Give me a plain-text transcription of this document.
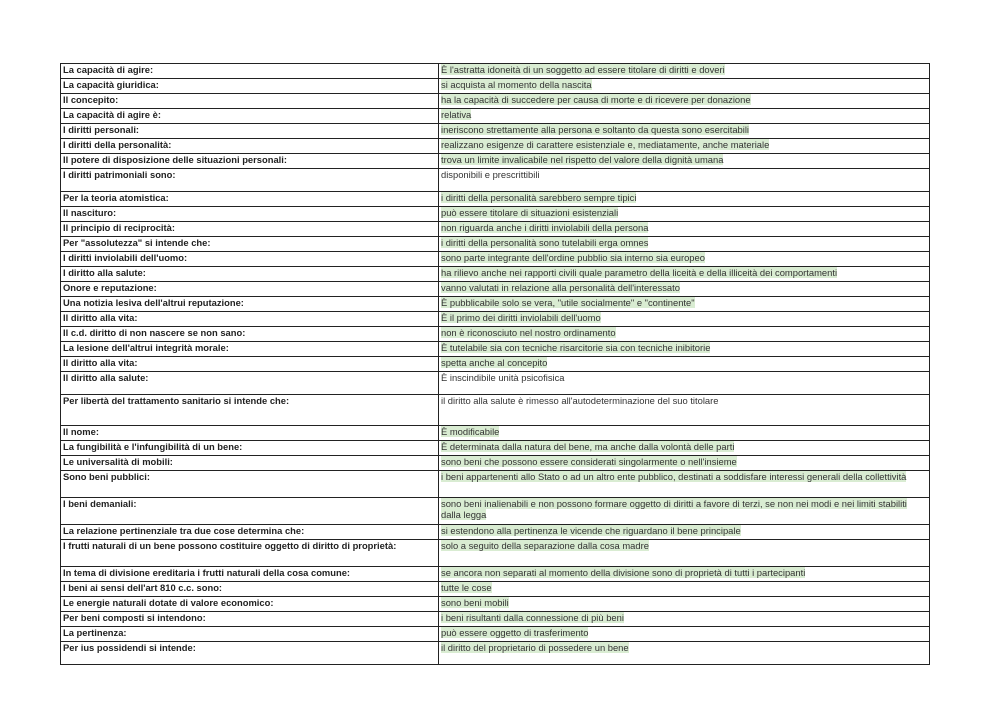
La capacità di agire:	È l'astratta idoneità di un soggetto ad essere titolare di diritti e doveri
La capacità giuridica:	si acquista al momento della nascita
Il concepito:	ha la capacità di succedere per causa di morte e di ricevere per donazione
La capacità di agire è:	relativa
I diritti personali:	ineriscono strettamente alla persona e soltanto da questa sono esercitabili
I diritti della personalità:	realizzano esigenze di carattere esistenziale e, mediatamente, anche materiale
Il potere di disposizione delle situazioni personali:	trova un limite invalicabile nel rispetto del valore della dignità umana
I diritti patrimoniali sono:	disponibili e prescrittibili
Per la teoria atomistica:	i diritti della personalità sarebbero sempre tipici
Il nascituro:	può essere titolare di situazioni esistenziali
Il principio di reciprocità:	non riguarda anche i diritti inviolabili della persona
Per "assolutezza" si intende che:	i diritti della personalità sono tutelabili erga omnes
I diritti inviolabili dell'uomo:	sono parte integrante dell'ordine pubblio sia interno sia europeo
I diritto alla salute:	ha rilievo anche nei rapporti civili quale parametro della liceità e della illiceità dei comportamenti
Onore e reputazione:	vanno valutati in relazione alla personalità dell'interessato
Una notizia lesiva dell'altrui reputazione:	È pubblicabile solo se vera, "utile socialmente" e "continente"
Il diritto alla vita:	È il primo dei diritti inviolabili dell'uomo
Il c.d. diritto di non nascere se non sano:	non è riconosciuto nel nostro ordinamento
La lesione dell'altrui integrità morale:	È tutelabile sia con tecniche risarcitorie sia con tecniche inibitorie
Il diritto alla vita:	spetta anche al concepito
Il diritto alla salute:	È inscindibile unità psicofisica
Per libertà del trattamento sanitario si intende che:	il diritto alla salute è rimesso all'autodeterminazione del suo titolare
Il nome:	È modificabile
La fungibilità e l'infungibilità di un bene:	È determinata dalla natura del bene, ma anche dalla volontà delle parti
Le universalità di mobili:	sono beni che possono essere considerati singolarmente o nell'insieme
Sono beni pubblici:	i beni appartenenti allo Stato o ad un altro ente pubblico, destinati a soddisfare interessi generali della collettività
I beni demaniali:	sono beni inalienabili e non possono formare oggetto di diritti a favore di terzi, se non nei modi e nei limiti stabiliti dalla legga
La relazione pertinenziale tra due cose determina che:	si estendono alla pertinenza le vicende che riguardano il bene principale
I frutti naturali di un bene possono costituire oggetto di diritto di proprietà:	solo a seguito della separazione dalla cosa madre
In tema di divisione ereditaria i frutti naturali della cosa comune:	se ancora non separati al momento della divisione sono di proprietà di tutti i partecipanti
I beni ai sensi dell'art 810 c.c. sono:	tutte le cose
Le energie naturali dotate di valore economico:	sono beni mobili
Per beni composti si intendono:	i beni risultanti dalla connessione di più beni
La pertinenza:	può essere oggetto di trasferimento
Per ius possidendi si intende:	il diritto del proprietario di possedere un bene
